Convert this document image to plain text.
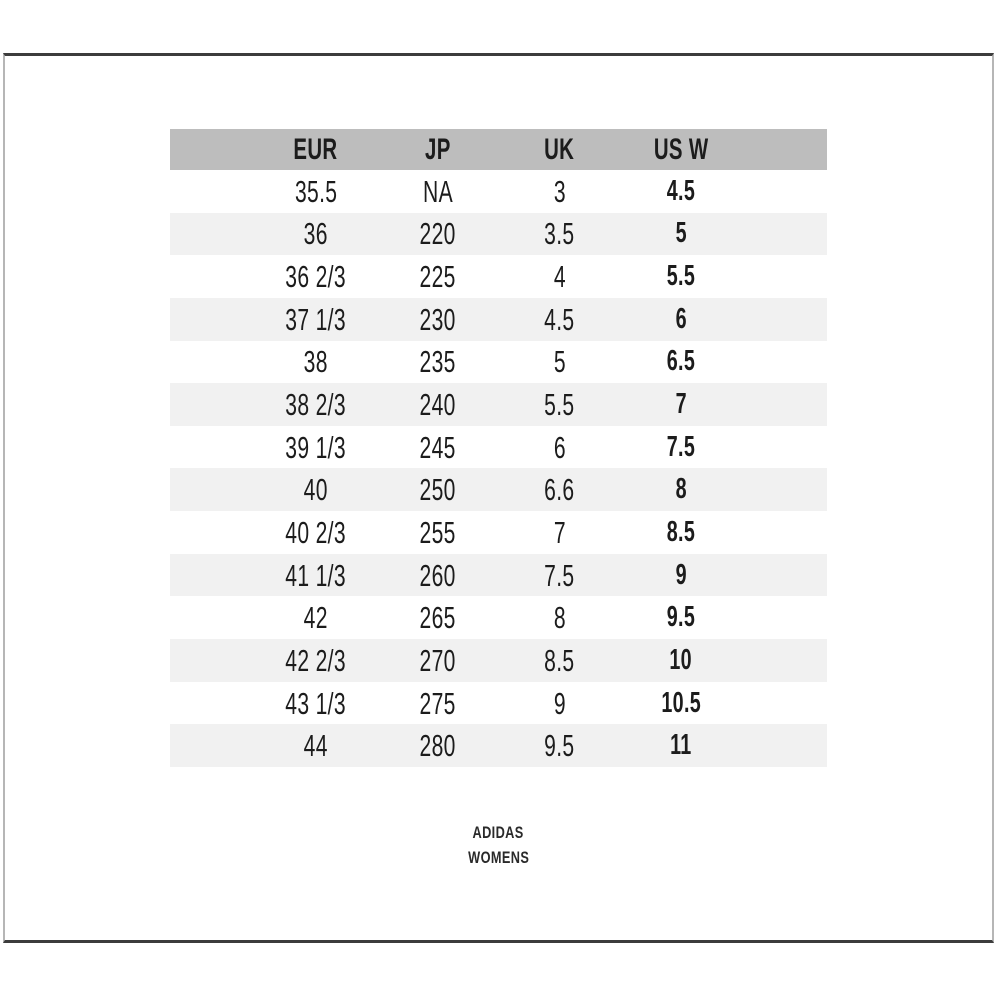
EUR	JP	UK	US W
35.5	NA	3	4.5
36	220	3.5	5
36 2/3	225	4	5.5
37 1/3	230	4.5	6
38	235	5	6.5
38 2/3	240	5.5	7
39 1/3	245	6	7.5
40	250	6.6	8
40 2/3	255	7	8.5
41 1/3	260	7.5	9
42	265	8	9.5
42 2/3	270	8.5	10
43 1/3	275	9	10.5
44	280	9.5	11
ADIDAS
WOMENS
